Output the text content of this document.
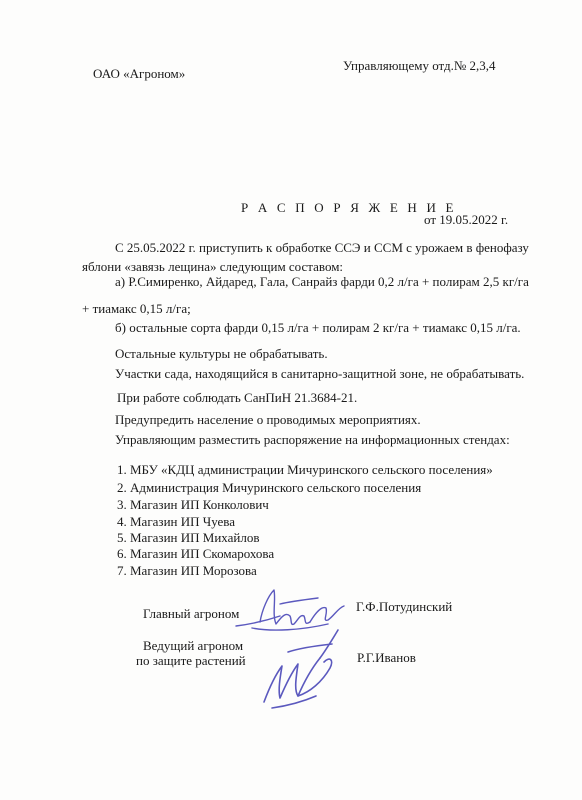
ОАО «Агроном»
Управляющему отд.№ 2,3,4
Р А С П О Р Я Ж Е Н И Е
от 19.05.2022 г.
С 25.05.2022 г. приступить к обработке ССЭ и ССМ с урожаем в фенофазу
яблони «завязь лещина» следующим составом:
а) Р.Симиренко, Айдаред, Гала, Санрайз фарди 0,2 л/га + полирам 2,5 кг/га
+ тиамакс 0,15 л/га;
б) остальные сорта фарди 0,15 л/га + полирам 2 кг/га + тиамакс 0,15 л/га.
Остальные культуры не обрабатывать.
Участки сада, находящийся в санитарно-защитной зоне, не обрабатывать.
При работе соблюдать СанПиН 21.3684-21.
Предупредить население о проводимых мероприятиях.
Управляющим разместить распоряжение на информационных стендах:
1. МБУ «КДЦ администрации Мичуринского сельского поселения»
2. Администрация Мичуринского сельского поселения
3. Магазин ИП Конколович
4. Магазин ИП Чуева
5. Магазин ИП Михайлов
6. Магазин ИП Скомарохова
7. Магазин ИП Морозова
Главный агроном	Г.Ф.Потудинский
Ведущий агроном
по защите растений	Р.Г.Иванов
